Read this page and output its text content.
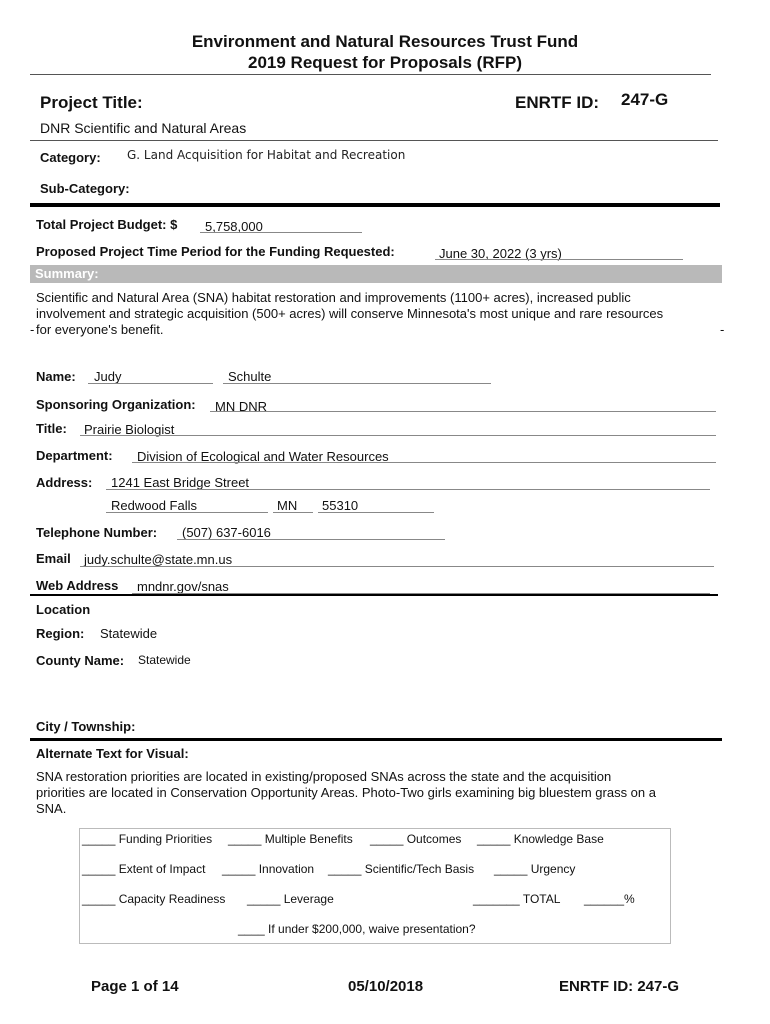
Environment and Natural Resources Trust Fund
2019 Request for Proposals (RFP)
Project Title:	ENRTF ID: 247-G
DNR Scientific and Natural Areas
Category: G. Land Acquisition for Habitat and Recreation
Sub-Category:
Total Project Budget: $ 5,758,000
Proposed Project Time Period for the Funding Requested:	June 30, 2022 (3 yrs)
Summary:
Scientific and Natural Area (SNA) habitat restoration and improvements (1100+ acres), increased public
involvement and strategic acquisition (500+ acres) will conserve Minnesota's most unique and rare resources
for everyone's benefit.
-	-
Name: Judy	Schulte
Sponsoring Organization: MN DNR
Title: Prairie Biologist
Department: Division of Ecological and Water Resources
Address: 1241 East Bridge Street
Redwood Falls	MN 55310
Telephone Number: (507) 637-6016
Email judy.schulte@state.mn.us
Web Address mndnr.gov/snas
Location
Region: Statewide
County Name: Statewide
City / Township:
Alternate Text for Visual:
SNA restoration priorities are located in existing/proposed SNAs across the state and the acquisition
priorities are located in Conservation Opportunity Areas. Photo-Two girls examining big bluestem grass on a
SNA.
_____ Funding Priorities _____ Multiple Benefits _____ Outcomes _____ Knowledge Base
_____ Extent of Impact _____ Innovation _____ Scientific/Tech Basis _____ Urgency
_____ Capacity Readiness _____ Leverage	_______ TOTAL ______%
____ If under $200,000, waive presentation?
Page 1 of 14	05/10/2018	ENRTF ID: 247-G
